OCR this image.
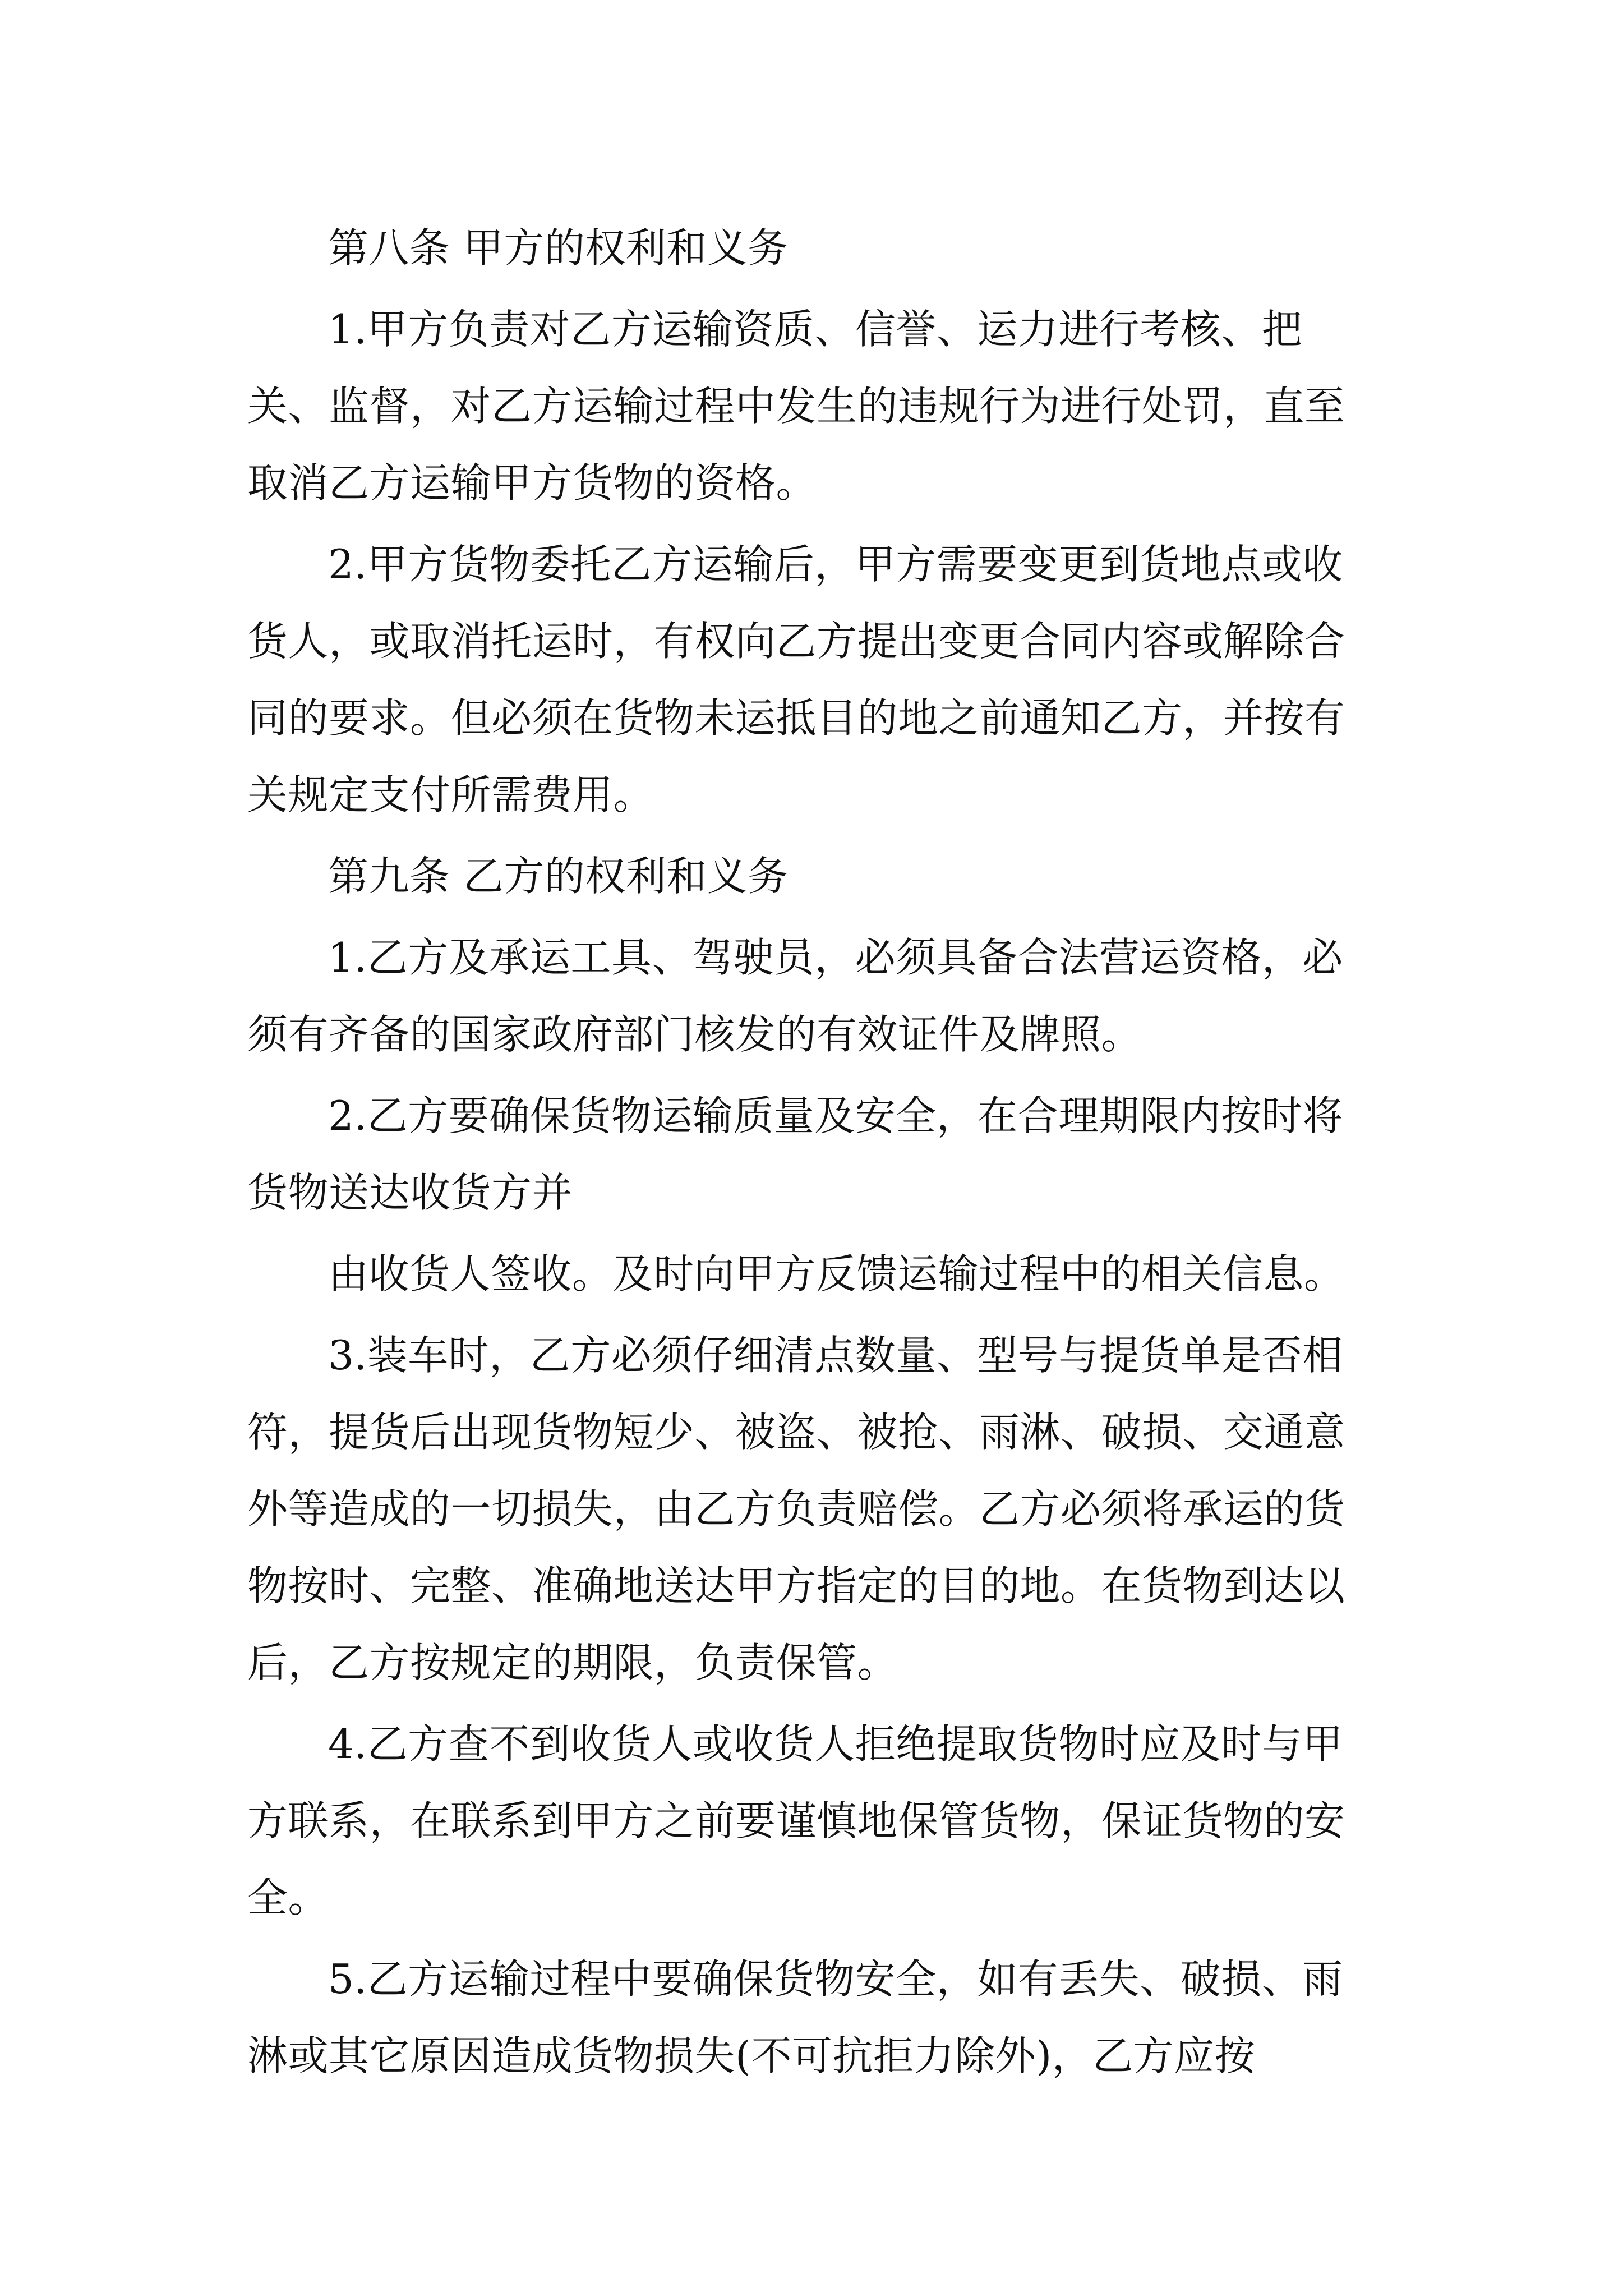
第八条 甲方的权利和义务

1.甲方负责对乙方运输资质、信誉、运力进行考核、把关、监督，对乙方运输过程中发生的违规行为进行处罚，直至取消乙方运输甲方货物的资格。

2.甲方货物委托乙方运输后，甲方需要变更到货地点或收货人，或取消托运时，有权向乙方提出变更合同内容或解除合同的要求。但必须在货物未运抵目的地之前通知乙方，并按有关规定支付所需费用。

第九条 乙方的权利和义务

1.乙方及承运工具、驾驶员，必须具备合法营运资格，必须有齐备的国家政府部门核发的有效证件及牌照。

2.乙方要确保货物运输质量及安全，在合理期限内按时将货物送达收货方并

由收货人签收。及时向甲方反馈运输过程中的相关信息。

3.装车时，乙方必须仔细清点数量、型号与提货单是否相符，提货后出现货物短少、被盗、被抢、雨淋、破损、交通意外等造成的一切损失，由乙方负责赔偿。乙方必须将承运的货物按时、完整、准确地送达甲方指定的目的地。在货物到达以后，乙方按规定的期限，负责保管。

4.乙方查不到收货人或收货人拒绝提取货物时应及时与甲方联系，在联系到甲方之前要谨慎地保管货物，保证货物的安全。

5.乙方运输过程中要确保货物安全，如有丢失、破损、雨淋或其它原因造成货物损失(不可抗拒力除外)，乙方应按
